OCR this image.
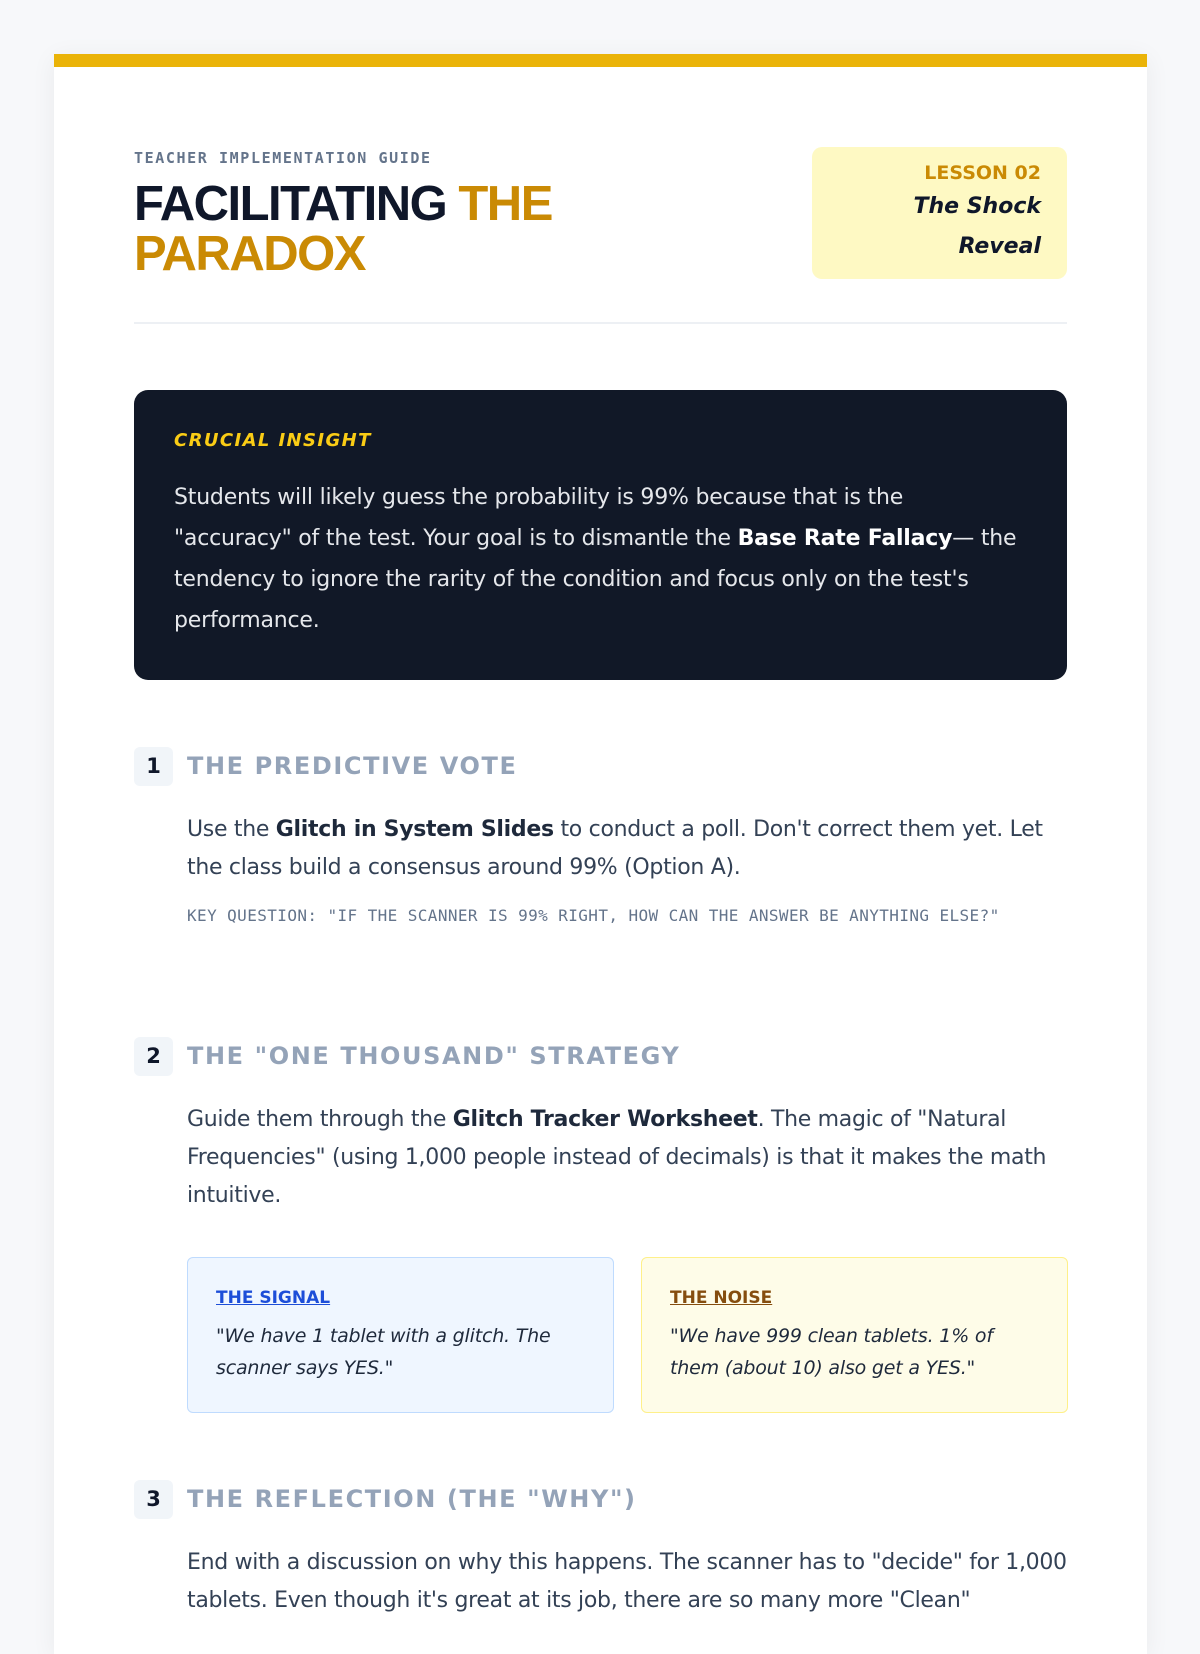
TEACHER IMPLEMENTATION GUIDE
FACILITATING THE PARADOX
LESSON 02
The Shock
Reveal
CRUCIAL INSIGHT

Students will likely guess the probability is 99% because that is the "accuracy" of the test. Your goal is to dismantle the Base Rate Fallacy— the tendency to ignore the rarity of the condition and focus only on the test's performance.

1	THE PREDICTIVE VOTE

Use the Glitch in System Slides to conduct a poll. Don't correct them yet. Let the class build a consensus around 99% (Option A).

KEY QUESTION: "IF THE SCANNER IS 99% RIGHT, HOW CAN THE ANSWER BE ANYTHING ELSE?"
2	THE "ONE THOUSAND" STRATEGY

Guide them through the Glitch Tracker Worksheet. The magic of "Natural Frequencies" (using 1,000 people instead of decimals) is that it makes the math intuitive.

THE SIGNAL
"We have 1 tablet with a glitch. The scanner says YES."
THE NOISE
"We have 999 clean tablets. 1% of them (about 10) also get a YES."
3	THE REFLECTION (THE "WHY")

End with a discussion on why this happens. The scanner has to "decide" for 1,000 tablets. Even though it's great at its job, there are so many more "Clean"
